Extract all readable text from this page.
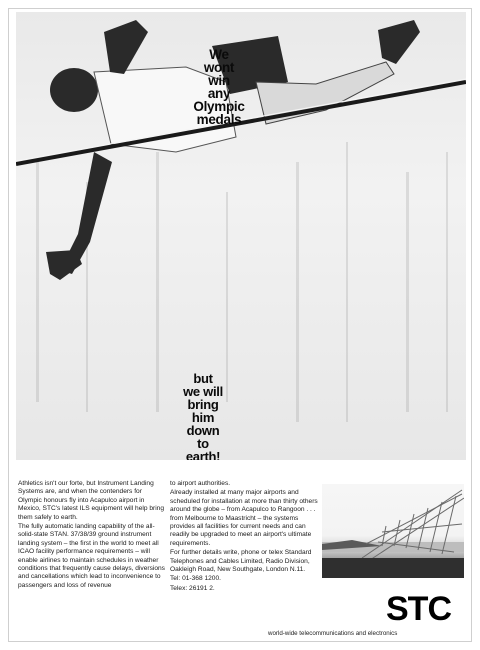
We
wont
win
any
Olympic
medals
but
we will
bring
him
down
to
earth!

Athletics isn't our forte, but Instrument Landing Systems are, and when the contenders for Olympic honours fly into Acapulco airport in Mexico, STC's latest ILS equipment will help bring them safely to earth.

The fully automatic landing capability of the all-solid-state STAN. 37/38/39 ground instrument landing system – the first in the world to meet all ICAO facility performance requirements – will enable airlines to maintain schedules in weather conditions that frequently cause delays, diversions and cancellations which lead to inconvenience to passengers and loss of revenue

to airport authorities.

Already installed at many major airports and scheduled for installation at more than thirty others around the globe – from Acapulco to Rangoon . . . from Melbourne to Maastricht – the systems provides all facilities for current needs and can readily be upgraded to meet an airport's ultimate requirements.

For further details write, phone or telex Standard Telephones and Cables Limited, Radio Division, Oakleigh Road, New Southgate, London N.11.

Tel: 01-368 1200.

Telex: 26191 2.

STC
world-wide telecommunications and electronics
